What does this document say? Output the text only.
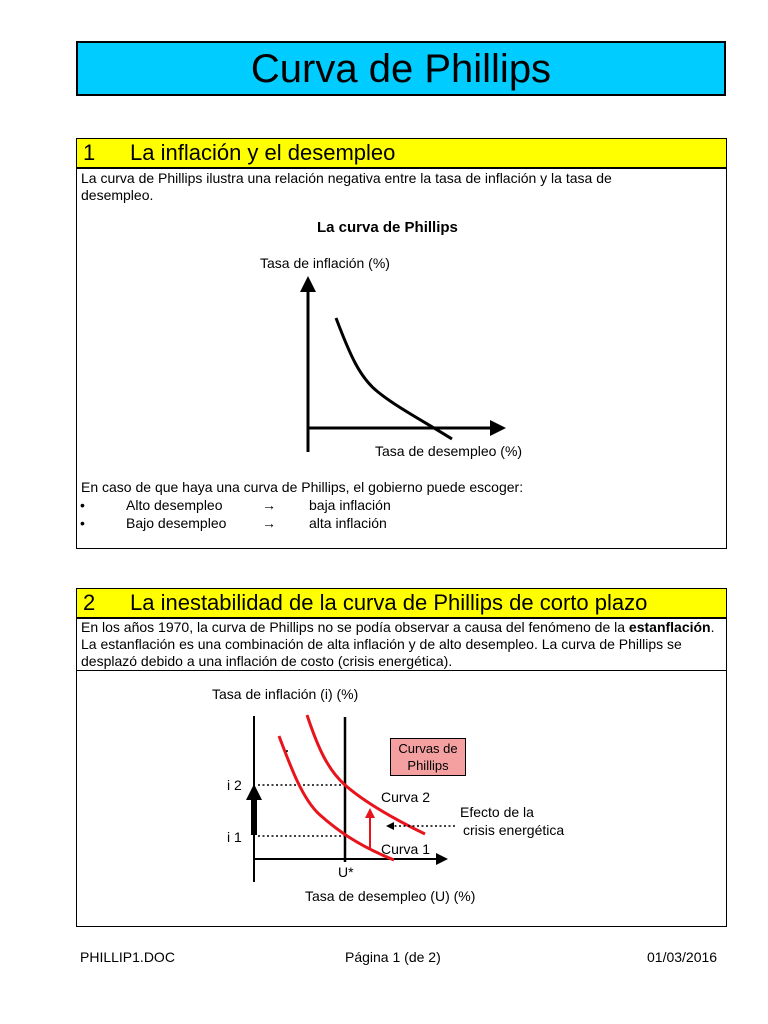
Curva de Phillips
1	La inflación y el desempleo
La curva de Phillips ilustra una relación negativa entre la tasa de inflación y la tasa de desempleo.
La curva de Phillips
Tasa de inflación (%)
Tasa de desempleo (%)
En caso de que haya una curva de Phillips, el gobierno puede escoger:
•	Alto desempleo	→ baja inflación
•	Bajo desempleo	→ alta inflación
2	La inestabilidad de la curva de Phillips de corto plazo
En los años 1970, la curva de Phillips no se podía observar a causa del fenómeno de la estanflación. La estanflación es una combinación de alta inflación y de alto desempleo. La curva de Phillips se desplazó debido a una inflación de costo (crisis energética).
Tasa de inflación (i) (%)
Tasa de desempleo (U) (%)
Curvas de
Phillips
i 2
i 1
U*
Curva 2
Curva 1
Efecto de la
crisis energética
PHILLIP1.DOC	Página 1 (de 2)	01/03/2016
